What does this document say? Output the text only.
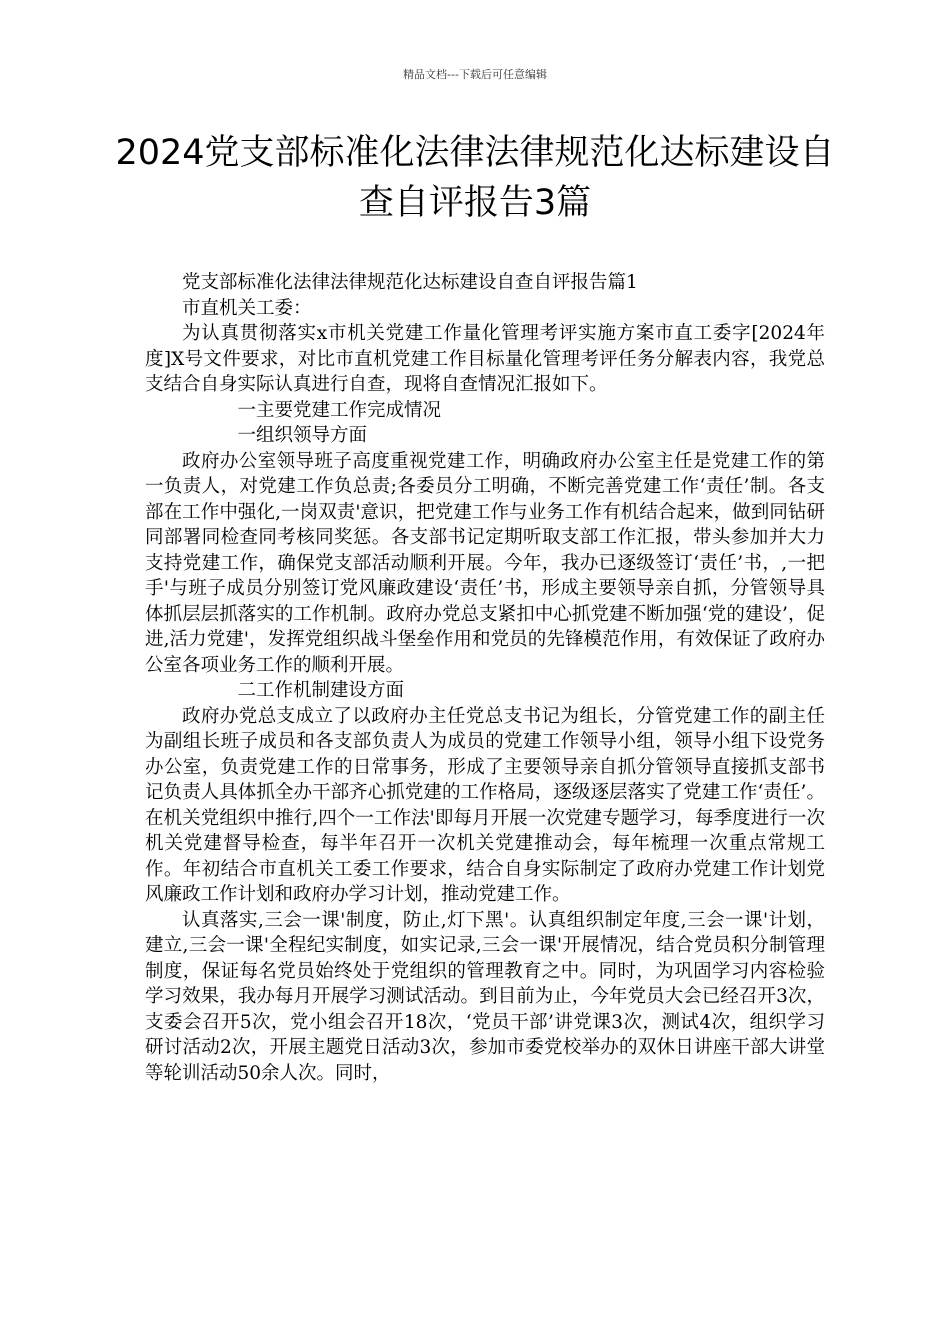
精品文档---下载后可任意编辑
2024党支部标准化法律法律规范化达标建设自查自评报告3篇

党支部标准化法律法律规范化达标建设自查自评报告篇1

市直机关工委：

为认真贯彻落实x市机关党建工作量化管理考评实施方案市直工委字[2024年度]X号文件要求，对比市直机党建工作目标量化管理考评任务分解表内容，我党总支结合自身实际认真进行自查，现将自查情况汇报如下。

一主要党建工作完成情况

一组织领导方面

政府办公室领导班子高度重视党建工作，明确政府办公室主任是党建工作的第一负责人，对党建工作负总责;各委员分工明确，不断完善党建工作‘责任’制。各支部在工作中强化,一岗双责'意识，把党建工作与业务工作有机结合起来，做到同钻研同部署同检查同考核同奖惩。各支部书记定期听取支部工作汇报，带头参加并大力支持党建工作，确保党支部活动顺利开展。今年，我办已逐级签订‘责任’书，,一把手'与班子成员分别签订党风廉政建设‘责任’书，形成主要领导亲自抓，分管领导具体抓层层抓落实的工作机制。政府办党总支紧扣中心抓党建不断加强‘党的建设’，促进,活力党建'，发挥党组织战斗堡垒作用和党员的先锋模范作用，有效保证了政府办公室各项业务工作的顺利开展。

二工作机制建设方面

政府办党总支成立了以政府办主任党总支书记为组长，分管党建工作的副主任为副组长班子成员和各支部负责人为成员的党建工作领导小组，领导小组下设党务办公室，负责党建工作的日常事务，形成了主要领导亲自抓分管领导直接抓支部书记负责人具体抓全办干部齐心抓党建的工作格局，逐级逐层落实了党建工作‘责任’。在机关党组织中推行,四个一工作法'即每月开展一次党建专题学习，每季度进行一次机关党建督导检查，每半年召开一次机关党建推动会，每年梳理一次重点常规工作。年初结合市直机关工委工作要求，结合自身实际制定了政府办党建工作计划党风廉政工作计划和政府办学习计划，推动党建工作。

认真落实,三会一课'制度，防止,灯下黑'。认真组织制定年度,三会一课'计划，建立,三会一课'全程纪实制度，如实记录,三会一课'开展情况，结合党员积分制管理制度，保证每名党员始终处于党组织的管理教育之中。同时，为巩固学习内容检验学习效果，我办每月开展学习测试活动。到目前为止，今年党员大会已经召开3次，支委会召开5次，党小组会召开18次，‘党员干部’讲党课3次，测试4次，组织学习研讨活动2次，开展主题党日活动3次，参加市委党校举办的双休日讲座干部大讲堂等轮训活动50余人次。同时，
